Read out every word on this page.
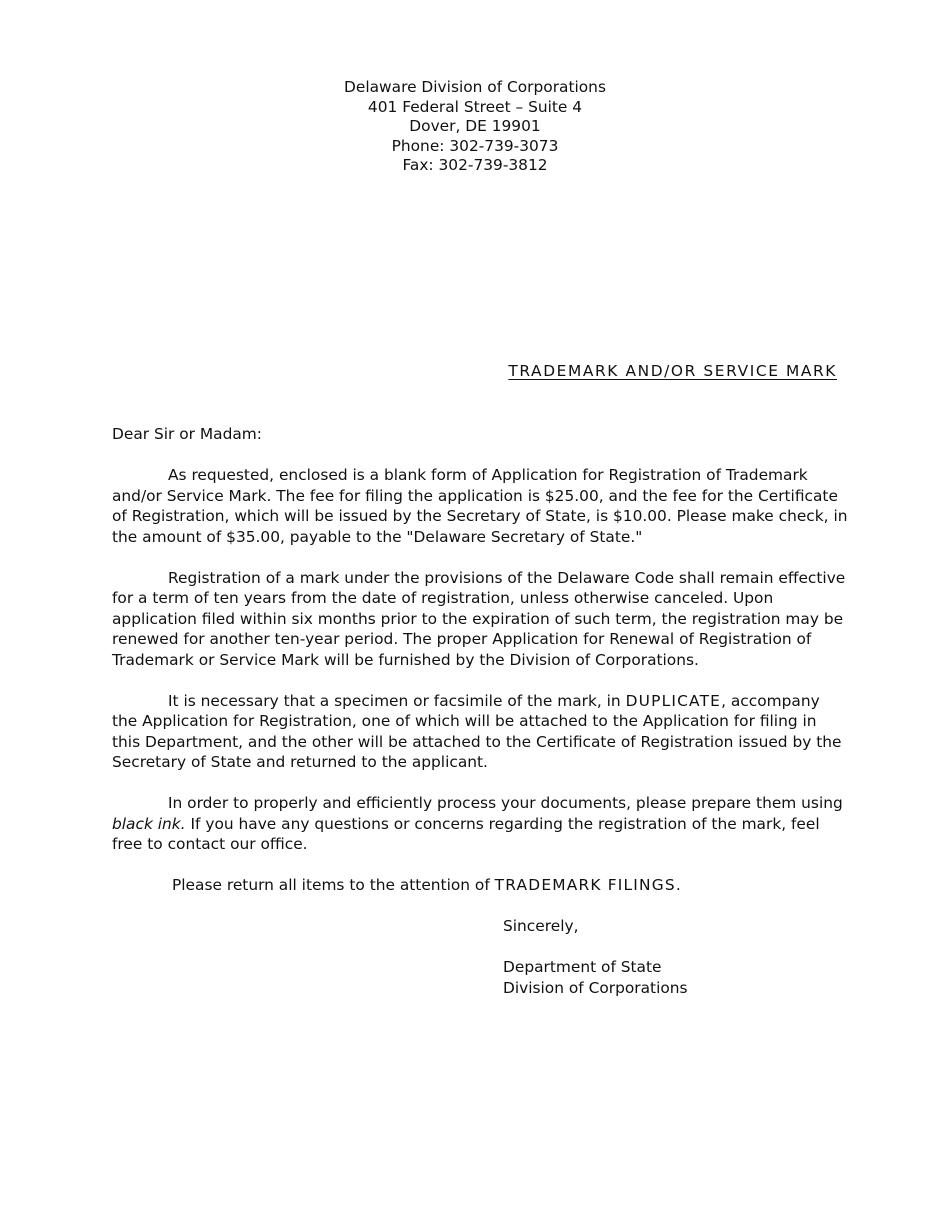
Delaware Division of Corporations
401 Federal Street – Suite 4
Dover, DE 19901
Phone: 302-739-3073
Fax: 302-739-3812
TRADEMARK AND/OR SERVICE MARK

Dear Sir or Madam:

As requested, enclosed is a blank form of Application for Registration of Trademark and/or Service Mark. The fee for filing the application is $25.00, and the fee for the Certificate of Registration, which will be issued by the Secretary of State, is $10.00. Please make check, in the amount of $35.00, payable to the "Delaware Secretary of State."

Registration of a mark under the provisions of the Delaware Code shall remain effective for a term of ten years from the date of registration, unless otherwise canceled. Upon application filed within six months prior to the expiration of such term, the registration may be renewed for another ten-year period. The proper Application for Renewal of Registration of Trademark or Service Mark will be furnished by the Division of Corporations.

It is necessary that a specimen or facsimile of the mark, in DUPLICATE, accompany the Application for Registration, one of which will be attached to the Application for filing in this Department, and the other will be attached to the Certificate of Registration issued by the Secretary of State and returned to the applicant.

In order to properly and efficiently process your documents, please prepare them using black ink. If you have any questions or concerns regarding the registration of the mark, feel free to contact our office.

Please return all items to the attention of TRADEMARK FILINGS.

Sincerely,
Department of State
Division of Corporations
